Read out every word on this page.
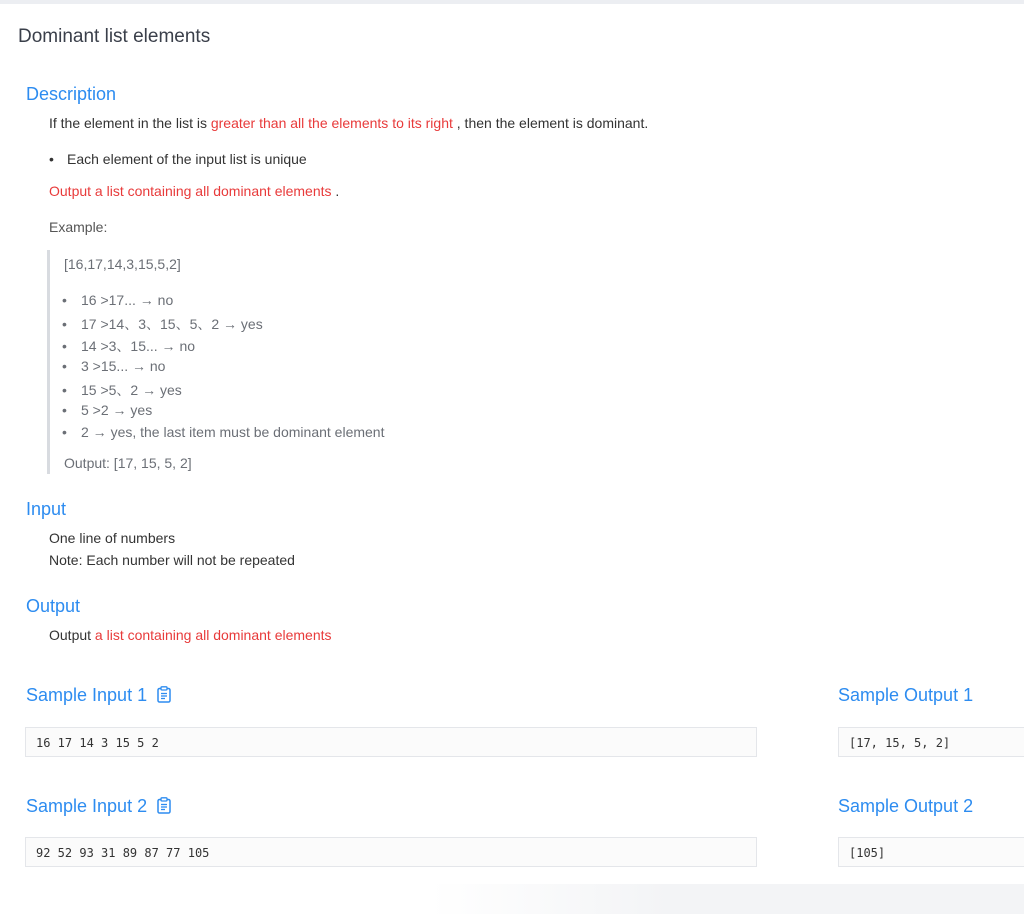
Dominant list elements
Description
If the element in the list is greater than all the elements to its right , then the element is dominant.
• Each element of the input list is unique
Output a list containing all dominant elements .
Example:
[16,17,14,3,15,5,2]
• 16 >17... → no
• 17 >14、3、15、5、2 → yes
• 14 >3、15... → no
• 3 >15... → no
• 15 >5、2 → yes
• 5 >2 → yes
• 2 → yes, the last item must be dominant element
Output: [17, 15, 5, 2]
Input
One line of numbers
Note: Each number will not be repeated
Output
Output a list containing all dominant elements
Sample Input 1	Sample Output 1
16 17 14 3 15 5 2	[17, 15, 5, 2]
Sample Input 2	Sample Output 2
92 52 93 31 89 87 77 105	[105]
